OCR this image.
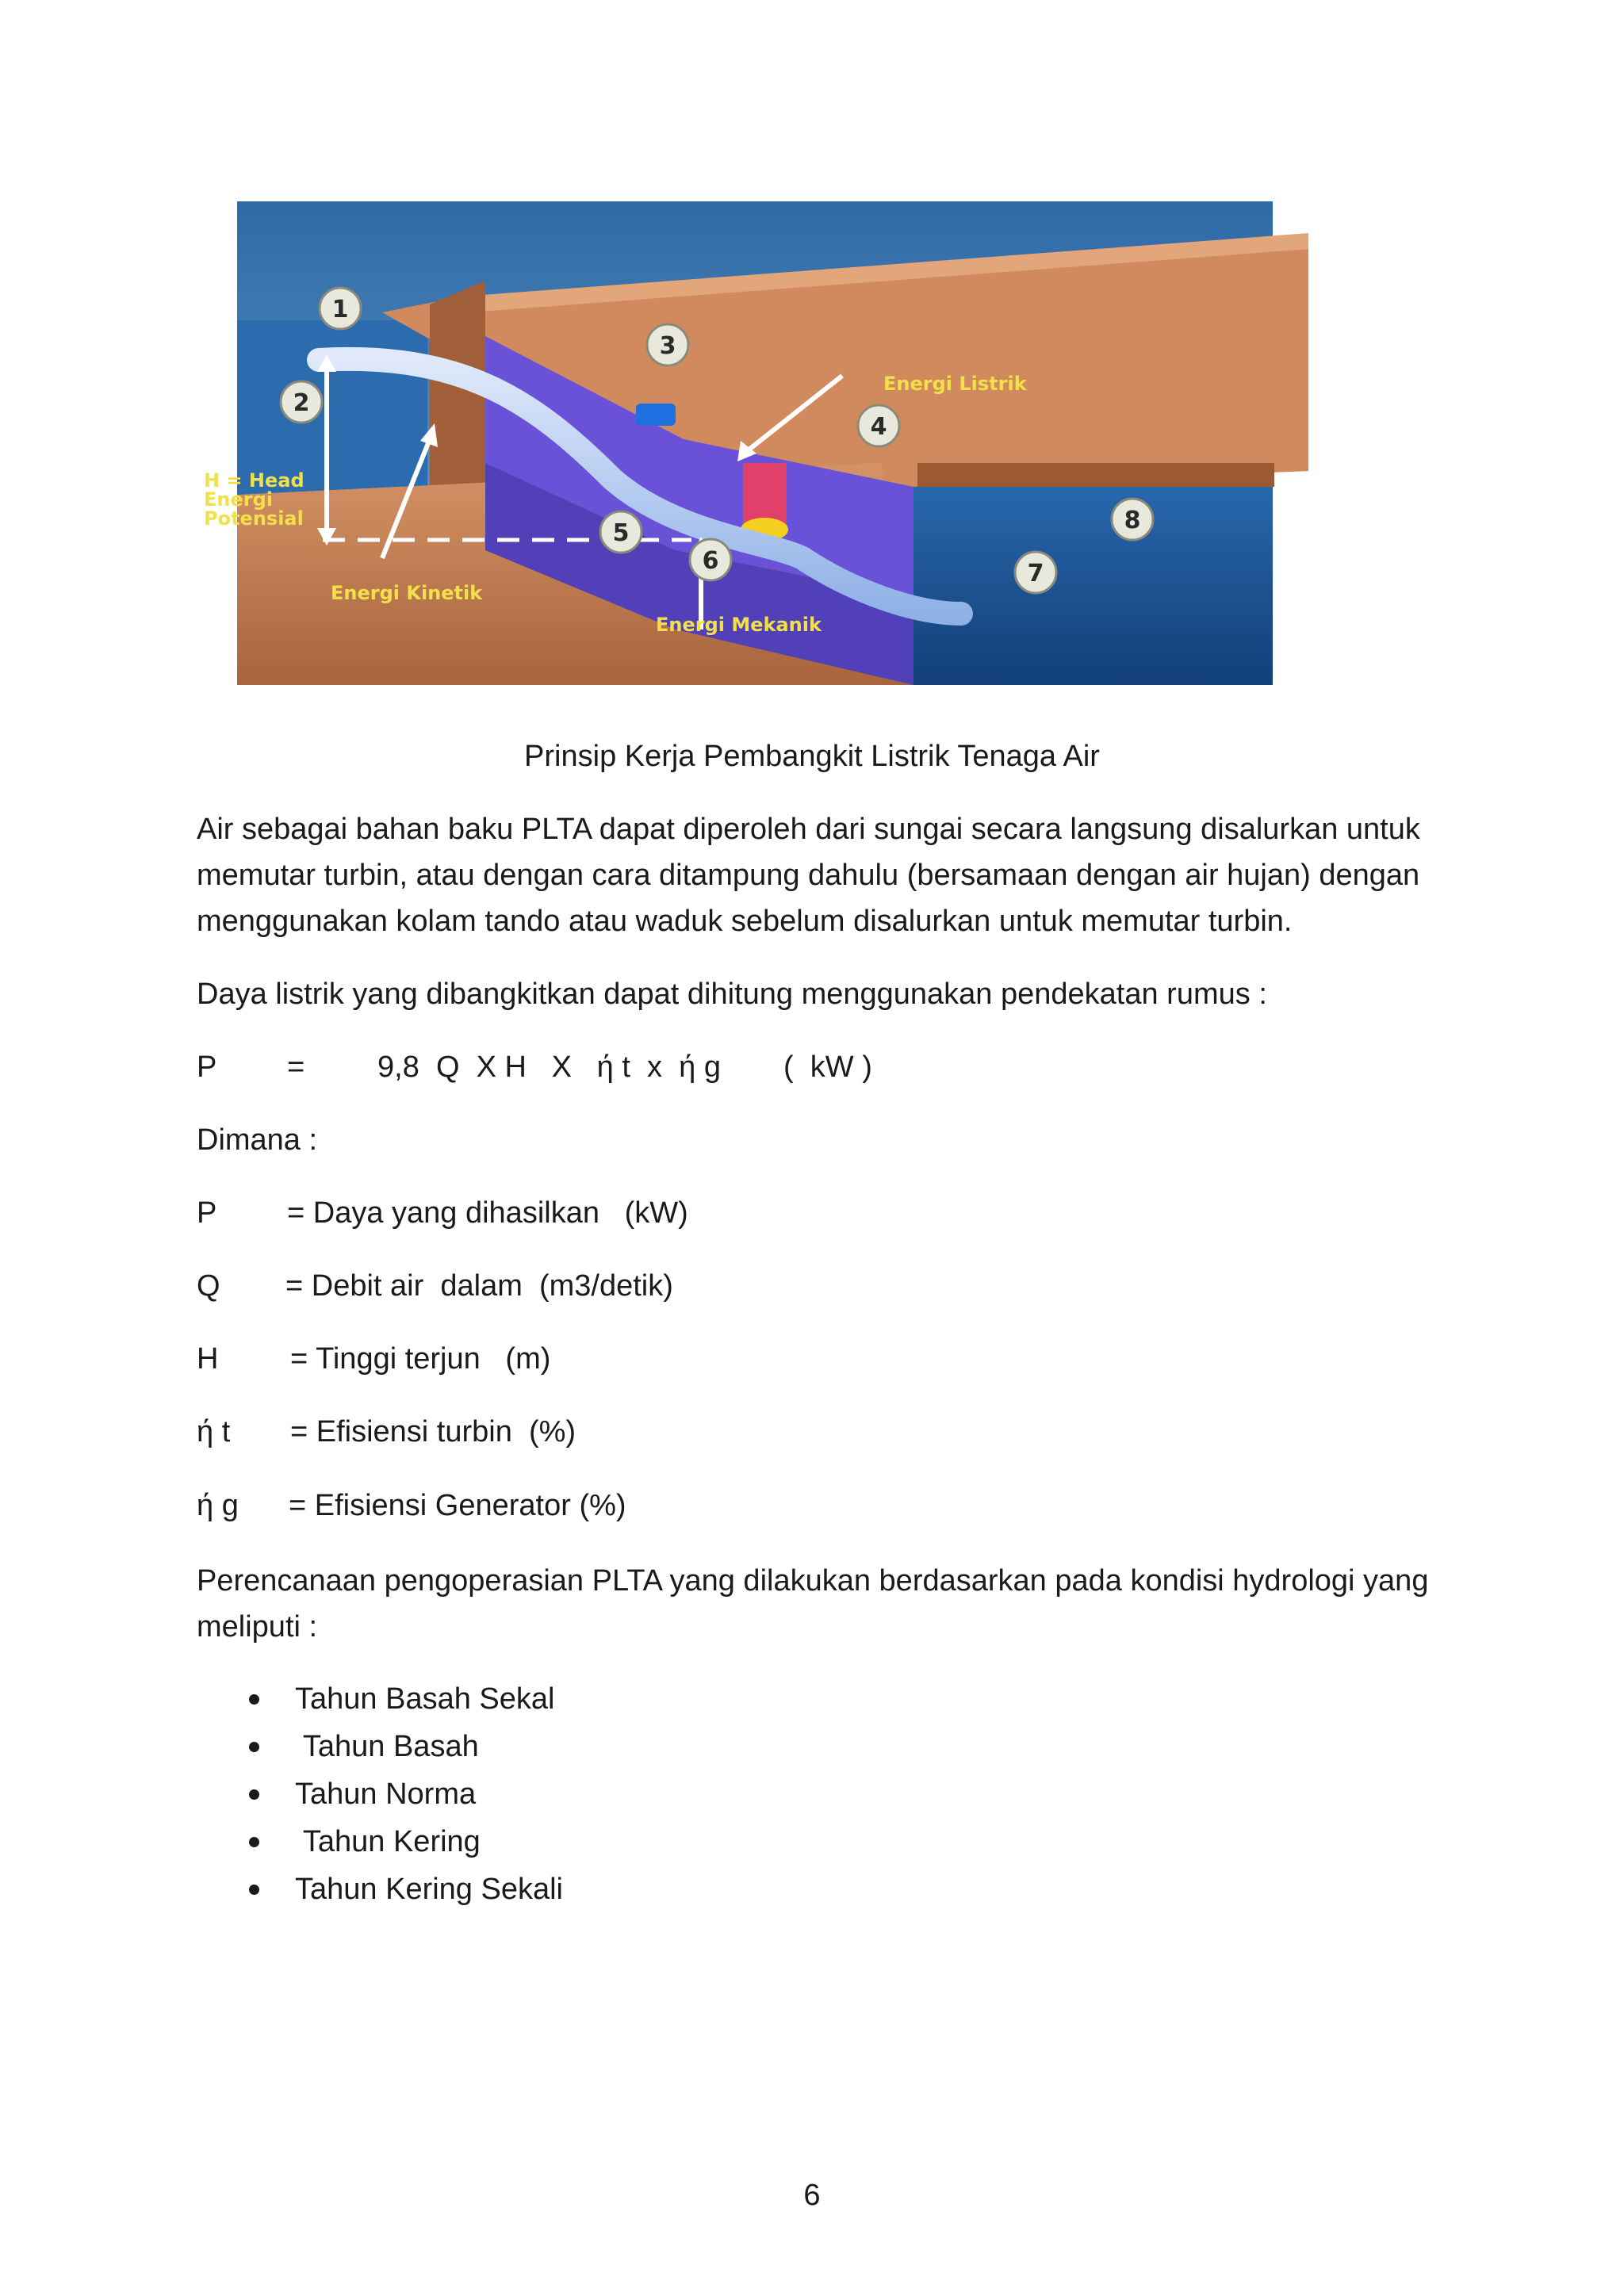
1
2
3
4
5
6	7
8
Energi Listrik
H = Head
Energi
Potensial
Energi Kinetik
Energi Mekanik
Prinsip Kerja Pembangkit Listrik Tenaga Air
Air sebagai bahan baku PLTA dapat diperoleh dari sungai secara langsung disalurkan untuk memutar turbin, atau dengan cara ditampung dahulu (bersamaan dengan air hujan) dengan menggunakan kolam tando atau waduk sebelum disalurkan untuk memutar turbin.
Daya listrik yang dibangkitkan dapat dihitung menggunakan pendekatan rumus :
P = 9,8  Q  X H   X   ή t  x  ή g (  kW )
Dimana :
P = Daya yang dihasilkan   (kW)
Q = Debit air  dalam  (m3/detik)
H = Tinggi terjun   (m)
ή t = Efisiensi turbin  (%)
ή g = Efisiensi Generator (%)
Perencanaan pengoperasian PLTA yang dilakukan berdasarkan pada kondisi hydrologi yang meliputi :
Tahun Basah Sekal
Tahun Basah
Tahun Norma
Tahun Kering
Tahun Kering Sekali
6
